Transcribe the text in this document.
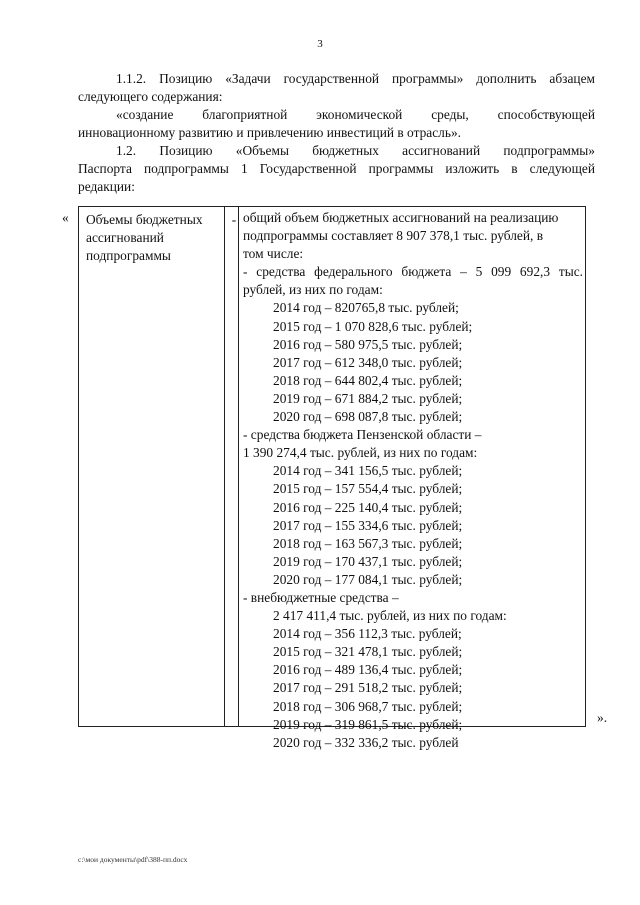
3
1.1.2. Позицию «Задачи государственной программы» дополнить абзацем
следующего содержания:
«создание благоприятной экономической среды, способствующей
инновационному развитию и привлечению инвестиций в отрасль».
1.2. Позицию «Объемы бюджетных ассигнований подпрограммы»
Паспорта подпрограммы 1 Государственной программы изложить в следующей
редакции:
« Объемы бюджетных
ассигнований
подпрограммы
- общий объем бюджетных ассигнований на реализацию
подпрограммы составляет 8 907 378,1 тыс. рублей, в
том числе:
- средства федерального бюджета – 5 099 692,3 тыс.
рублей, из них по годам:
2014 год – 820765,8 тыс. рублей;
2015 год – 1 070 828,6 тыс. рублей;
2016 год – 580 975,5 тыс. рублей;
2017 год – 612 348,0 тыс. рублей;
2018 год – 644 802,4 тыс. рублей;
2019 год – 671 884,2 тыс. рублей;
2020 год – 698 087,8 тыс. рублей;
- средства бюджета Пензенской области –
1 390 274,4 тыс. рублей, из них по годам:
2014 год – 341 156,5 тыс. рублей;
2015 год – 157 554,4 тыс. рублей;
2016 год – 225 140,4 тыс. рублей;
2017 год – 155 334,6 тыс. рублей;
2018 год – 163 567,3 тыс. рублей;
2019 год – 170 437,1 тыс. рублей;
2020 год – 177 084,1 тыс. рублей;
- внебюджетные средства –
2 417 411,4 тыс. рублей, из них по годам:
2014 год – 356 112,3 тыс. рублей;
2015 год – 321 478,1 тыс. рублей;
2016 год – 489 136,4 тыс. рублей;
2017 год – 291 518,2 тыс. рублей;
2018 год – 306 968,7 тыс. рублей;
2019 год – 319 861,5 тыс. рублей;
2020 год – 332 336,2 тыс. рублей
».
c:\мои документы\pdf\388-пп.docx
